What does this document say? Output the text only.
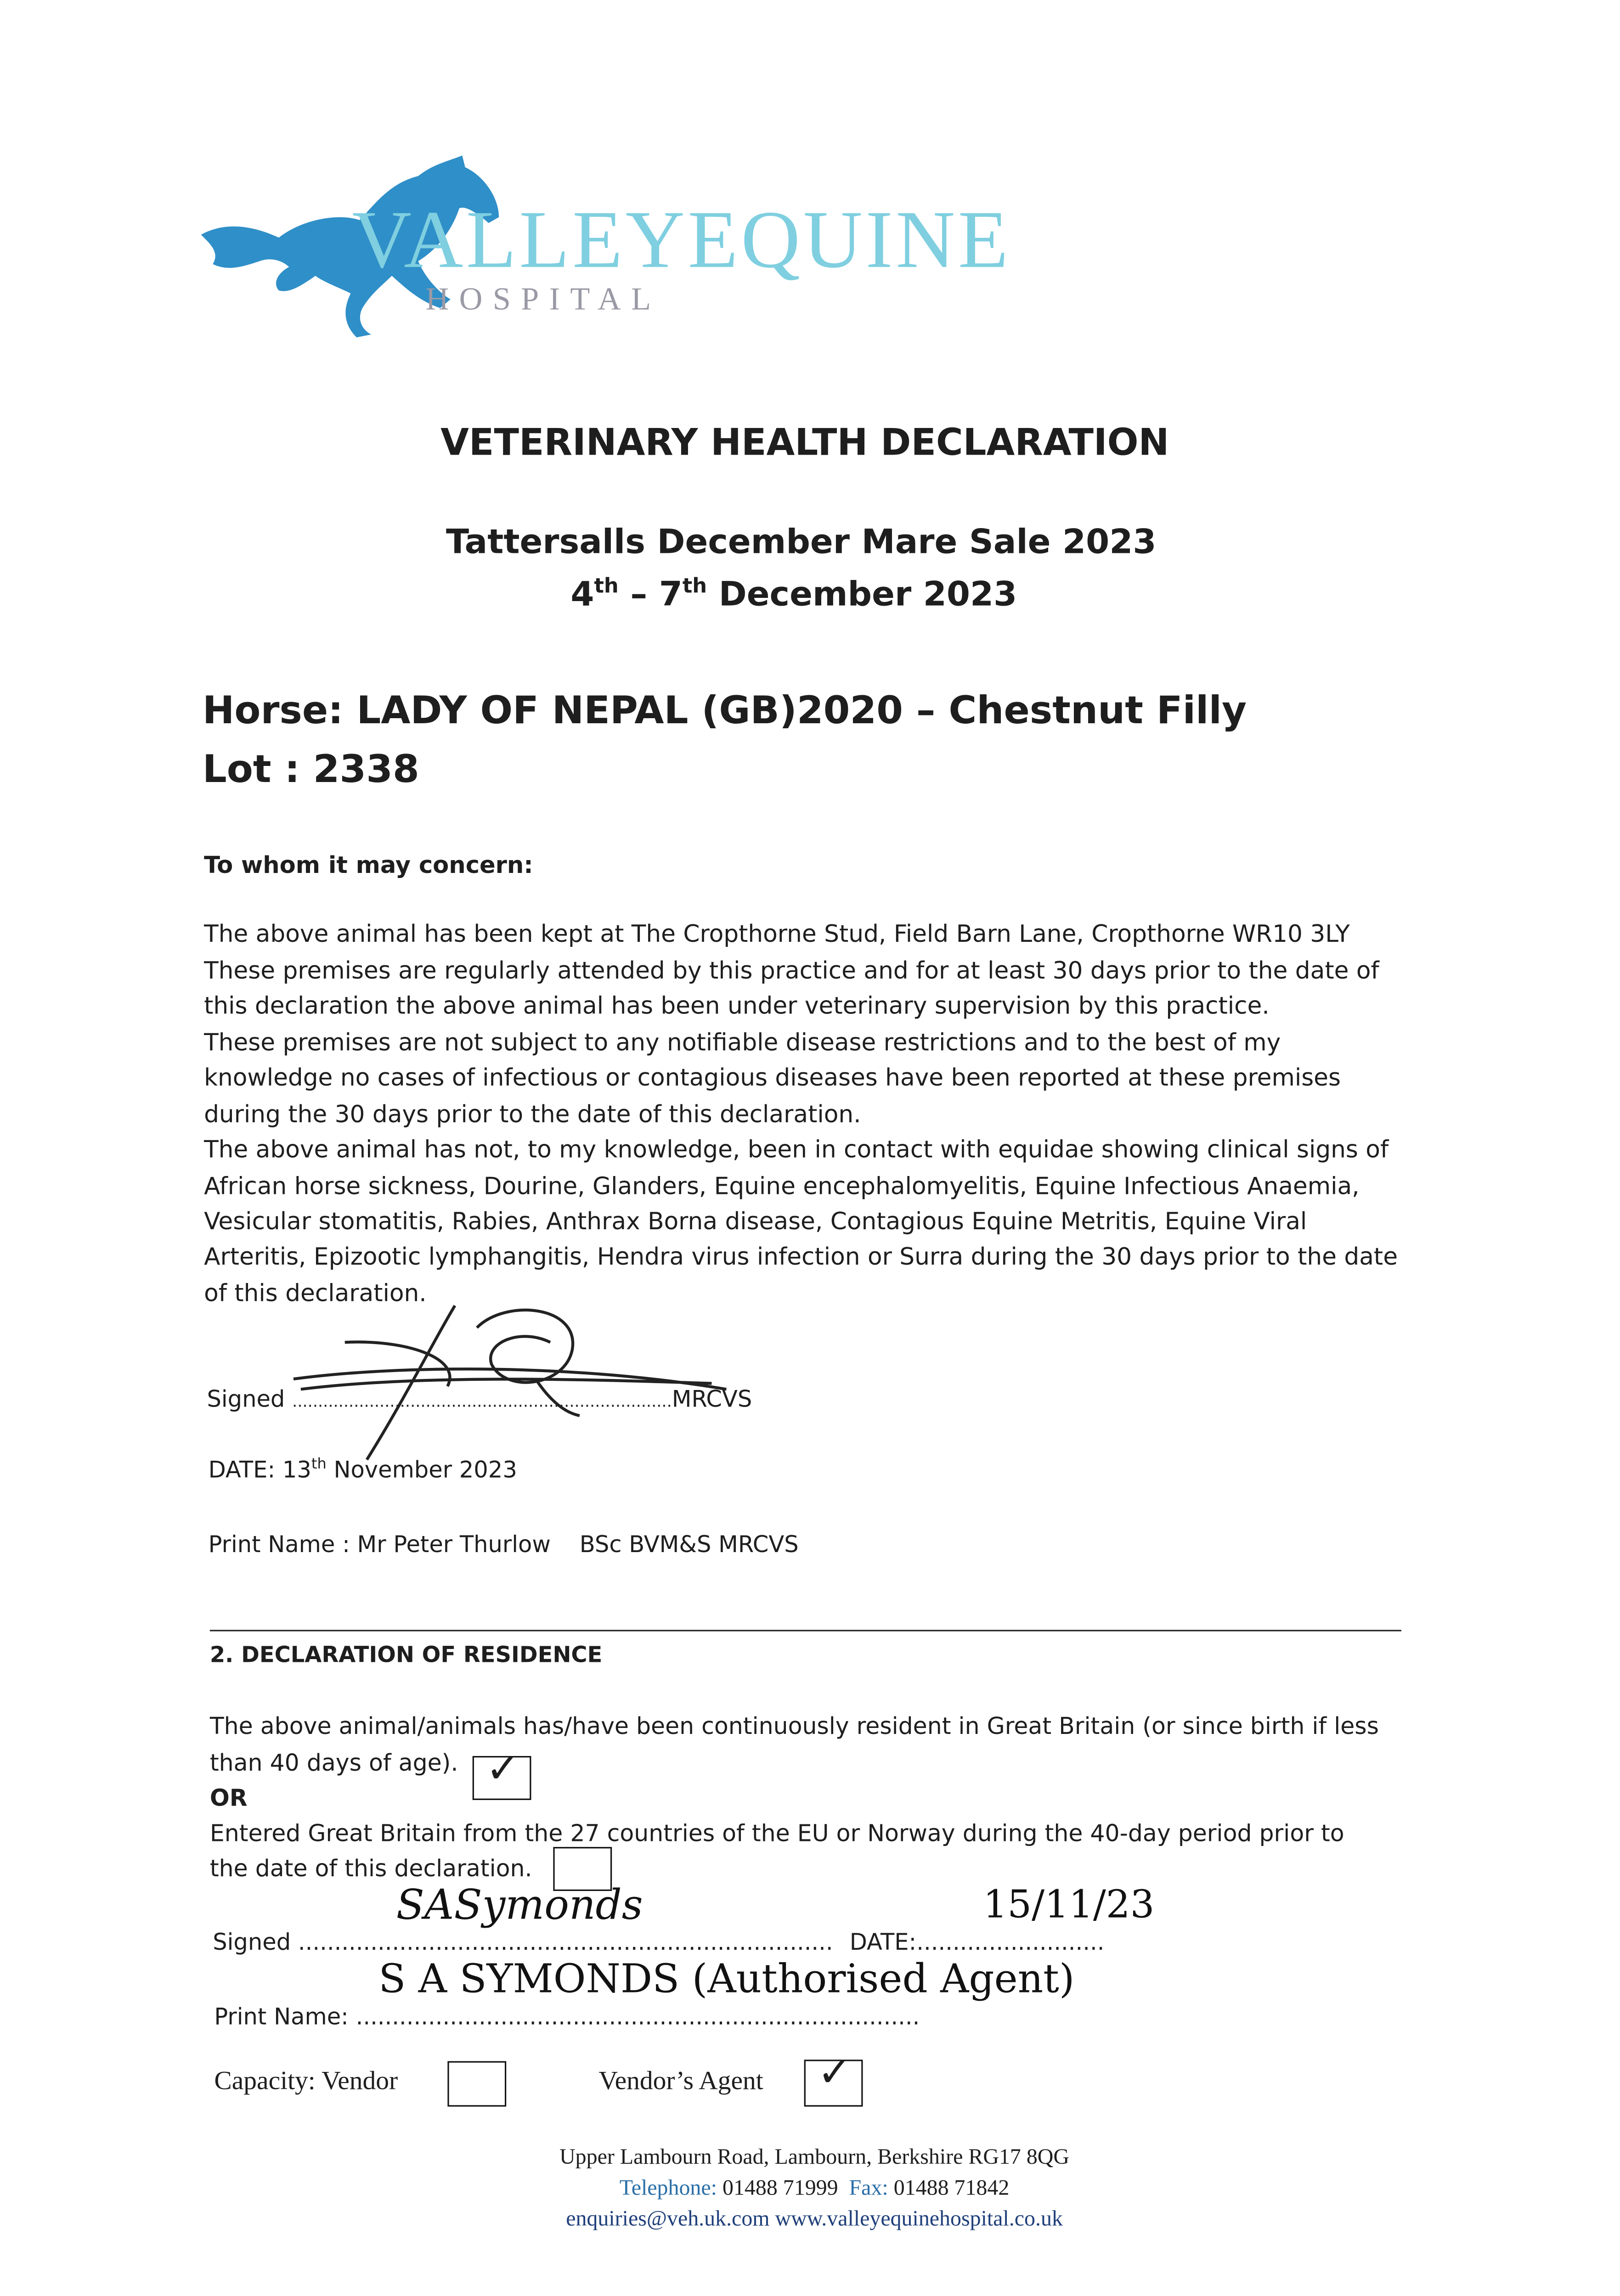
VALLEYEQUINE
HOSPITAL
VETERINARY HEALTH DECLARATION
Tattersalls December Mare Sale 2023
4th – 7th December 2023
Horse: LADY OF NEPAL (GB)2020 – Chestnut Filly
Lot : 2338
To whom it may concern:
The above animal has been kept at The Cropthorne Stud, Field Barn Lane, Cropthorne WR10 3LY
These premises are regularly attended by this practice and for at least 30 days prior to the date of
this declaration the above animal has been under veterinary supervision by this practice.
These premises are not subject to any notifiable disease restrictions and to the best of my
knowledge no cases of infectious or contagious diseases have been reported at these premises
during the 30 days prior to the date of this declaration.
The above animal has not, to my knowledge, been in contact with equidae showing clinical signs of
African horse sickness, Dourine, Glanders, Equine encephalomyelitis, Equine Infectious Anaemia,
Vesicular stomatitis, Rabies, Anthrax Borna disease, Contagious Equine Metritis, Equine Viral
Arteritis, Epizootic lymphangitis, Hendra virus infection or Surra during the 30 days prior to the date
of this declaration.
Signed ..........................................................................MRCVS
DATE: 13th November 2023
Print Name : Mr Peter Thurlow    BSc BVM&S MRCVS
2. DECLARATION OF RESIDENCE
The above animal/animals has/have been continuously resident in Great Britain (or since birth if less
than 40 days of age). ✓
OR
Entered Great Britain from the 27 countries of the EU or Norway during the 40-day period prior to
the date of this declaration.
SASymonds	15/11/23
Signed .......................................................................... DATE:..........................
S A SYMONDS (Authorised Agent)
Print Name: ..............................................................................
Capacity: Vendor	Vendor’s Agent	✓
Upper Lambourn Road, Lambourn, Berkshire RG17 8QG
Telephone: 01488 71999 Fax: 01488 71842
enquiries@veh.uk.com www.valleyequinehospital.co.uk
